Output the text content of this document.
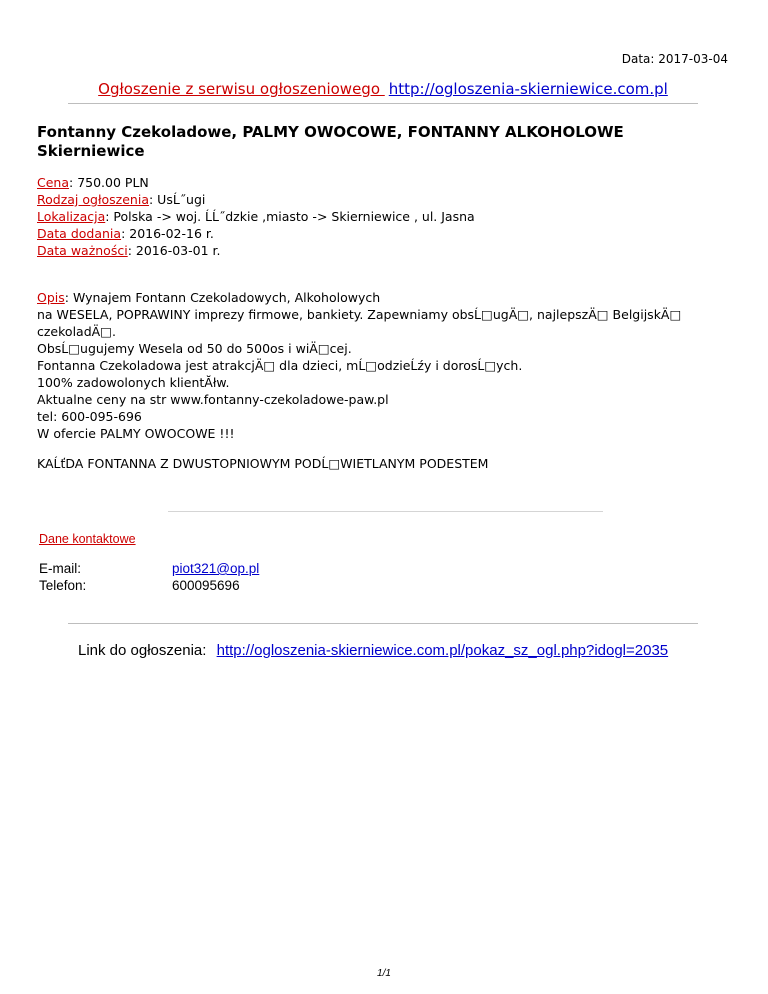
Data: 2017-03-04
Ogłoszenie z serwisu ogłoszeniowego http://ogloszenia-skierniewice.com.pl
Fontanny Czekoladowe, PALMY OWOCOWE, FONTANNY ALKOHOLOWE Skierniewice
Cena: 750.00 PLN
Rodzaj ogłoszenia: UsĹ˝ugi
Lokalizacja: Polska -> woj. ĹĹ˝dzkie ,miasto -> Skierniewice , ul. Jasna
Data dodania: 2016-02-16 r.
Data ważności: 2016-03-01 r.
Opis: Wynajem Fontann Czekoladowych, Alkoholowych
na WESELA, POPRAWINY imprezy firmowe, bankiety. Zapewniamy obsĹ□ugÄ□, najlepszÄ□ BelgijskÄ□
czekoladÄ□.
ObsĹ□ugujemy Wesela od 50 do 500os i wiÄ□cej.
Fontanna Czekoladowa jest atrakcjÄ□ dla dzieci, mĹ□odzieĹźy i dorosĹ□ych.
100% zadowolonych klientĂłw.
Aktualne ceny na str www.fontanny-czekoladowe-paw.pl
tel: 600-095-696
W ofercie PALMY OWOCOWE !!!
KAĹťDA FONTANNA Z DWUSTOPNIOWYM PODĹ□WIETLANYM PODESTEM
Dane kontaktowe
E-mail:	piot321@op.pl
Telefon:	600095696
Link do ogłoszenia: http://ogloszenia-skierniewice.com.pl/pokaz_sz_ogl.php?idogl=2035
1/1
